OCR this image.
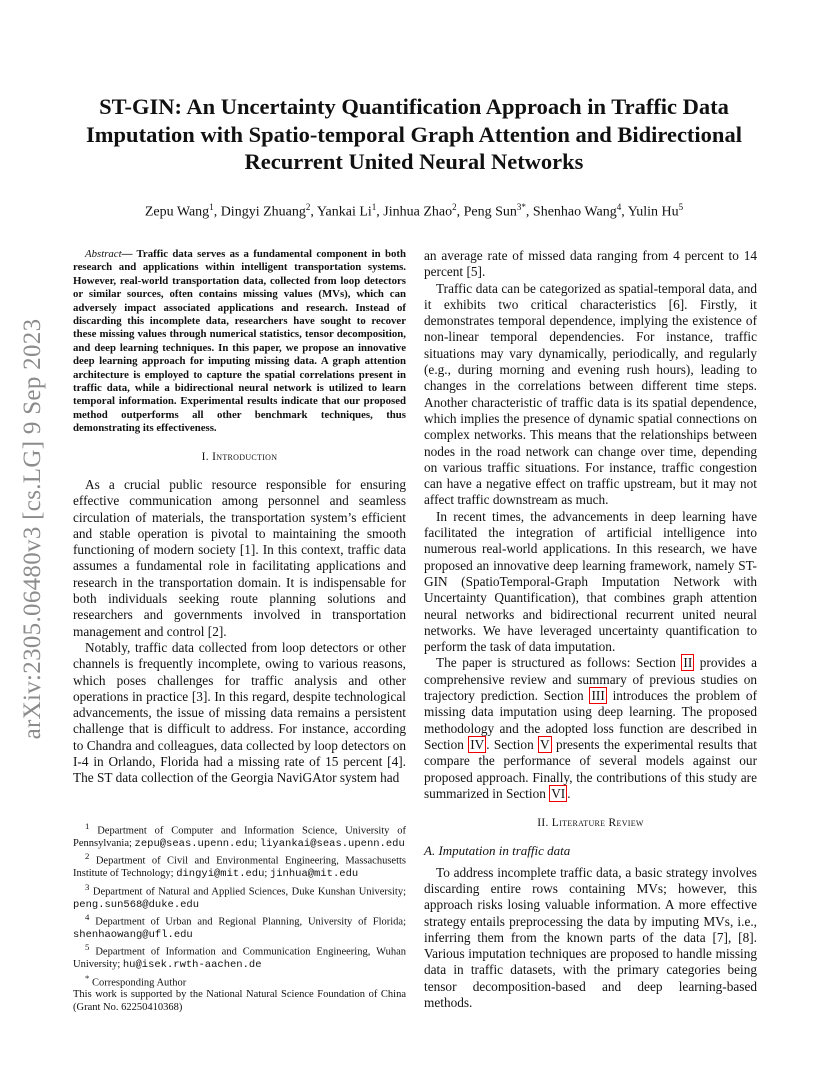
arXiv:2305.06480v3 [cs.LG] 9 Sep 2023
ST-GIN: An Uncertainty Quantification Approach in Traffic Data Imputation with Spatio-temporal Graph Attention and Bidirectional Recurrent United Neural Networks
Zepu Wang$^1$, Dingyi Zhuang$^2$, Yankai Li$^1$, Jinhua Zhao$^2$, Peng Sun$^{3*}$, Shenhao Wang$^4$, Yulin Hu$^5$

Abstract— Traffic data serves as a fundamental component in both research and applications within intelligent transportation systems. However, real-world transportation data, collected from loop detectors or similar sources, often contains missing values (MVs), which can adversely impact associated applications and research. Instead of discarding this incomplete data, researchers have sought to recover these missing values through numerical statistics, tensor decomposition, and deep learning techniques. In this paper, we propose an innovative deep learning approach for imputing missing data. A graph attention architecture is employed to capture the spatial correlations present in traffic data, while a bidirectional neural network is utilized to learn temporal information. Experimental results indicate that our proposed method outperforms all other benchmark techniques, thus demonstrating its effectiveness.

I. Introduction

As a crucial public resource responsible for ensuring effective communication among personnel and seamless circulation of materials, the transportation system’s efficient and stable operation is pivotal to maintaining the smooth functioning of modern society [1]. In this context, traffic data assumes a fundamental role in facilitating applications and research in the transportation domain. It is indispensable for both individuals seeking route planning solutions and researchers and governments involved in transportation management and control [2].

Notably, traffic data collected from loop detectors or other channels is frequently incomplete, owing to various reasons, which poses challenges for traffic analysis and other operations in practice [3]. In this regard, despite technological advancements, the issue of missing data remains a persistent challenge that is difficult to address. For instance, according to Chandra and colleagues, data collected by loop detectors on I-4 in Orlando, Florida had a missing rate of 15 percent [4]. The ST data collection of the Georgia NaviGAtor system had

$^1$ Department of Computer and Information Science, University of Pennsylvania; zepu@seas.upenn.edu; liyankai@seas.upenn.edu

$^2$ Department of Civil and Environmental Engineering, Massachusetts Institute of Technology; dingyi@mit.edu; jinhua@mit.edu

$^3$ Department of Natural and Applied Sciences, Duke Kunshan University; peng.sun568@duke.edu

$^4$ Department of Urban and Regional Planning, University of Florida; shenhaowang@ufl.edu

$^5$ Department of Information and Communication Engineering, Wuhan University; hu@isek.rwth-aachen.de

* Corresponding Author

This work is supported by the National Natural Science Foundation of China (Grant No. 62250410368)

an average rate of missed data ranging from 4 percent to 14 percent [5].

Traffic data can be categorized as spatial-temporal data, and it exhibits two critical characteristics [6]. Firstly, it demonstrates temporal dependence, implying the existence of non-linear temporal dependencies. For instance, traffic situations may vary dynamically, periodically, and regularly (e.g., during morning and evening rush hours), leading to changes in the correlations between different time steps. Another characteristic of traffic data is its spatial dependence, which implies the presence of dynamic spatial connections on complex networks. This means that the relationships between nodes in the road network can change over time, depending on various traffic situations. For instance, traffic congestion can have a negative effect on traffic upstream, but it may not affect traffic downstream as much.

In recent times, the advancements in deep learning have facilitated the integration of artificial intelligence into numerous real-world applications. In this research, we have proposed an innovative deep learning framework, namely ST-GIN (SpatioTemporal-Graph Imputation Network with Uncertainty Quantification), that combines graph attention neural networks and bidirectional recurrent united neural networks. We have leveraged uncertainty quantification to perform the task of data imputation.

The paper is structured as follows: Section II provides a comprehensive review and summary of previous studies on trajectory prediction. Section III introduces the problem of missing data imputation using deep learning. The proposed methodology and the adopted loss function are described in Section IV . Section V presents the experimental results that compare the performance of several models against our proposed approach. Finally, the contributions of this study are summarized in Section VI .

II. Literature Review
A. Imputation in traffic data

To address incomplete traffic data, a basic strategy involves discarding entire rows containing MVs; however, this approach risks losing valuable information. A more effective strategy entails preprocessing the data by imputing MVs, i.e., inferring them from the known parts of the data [7], [8]. Various imputation techniques are proposed to handle missing data in traffic datasets, with the primary categories being tensor decomposition-based and deep learning-based methods.
